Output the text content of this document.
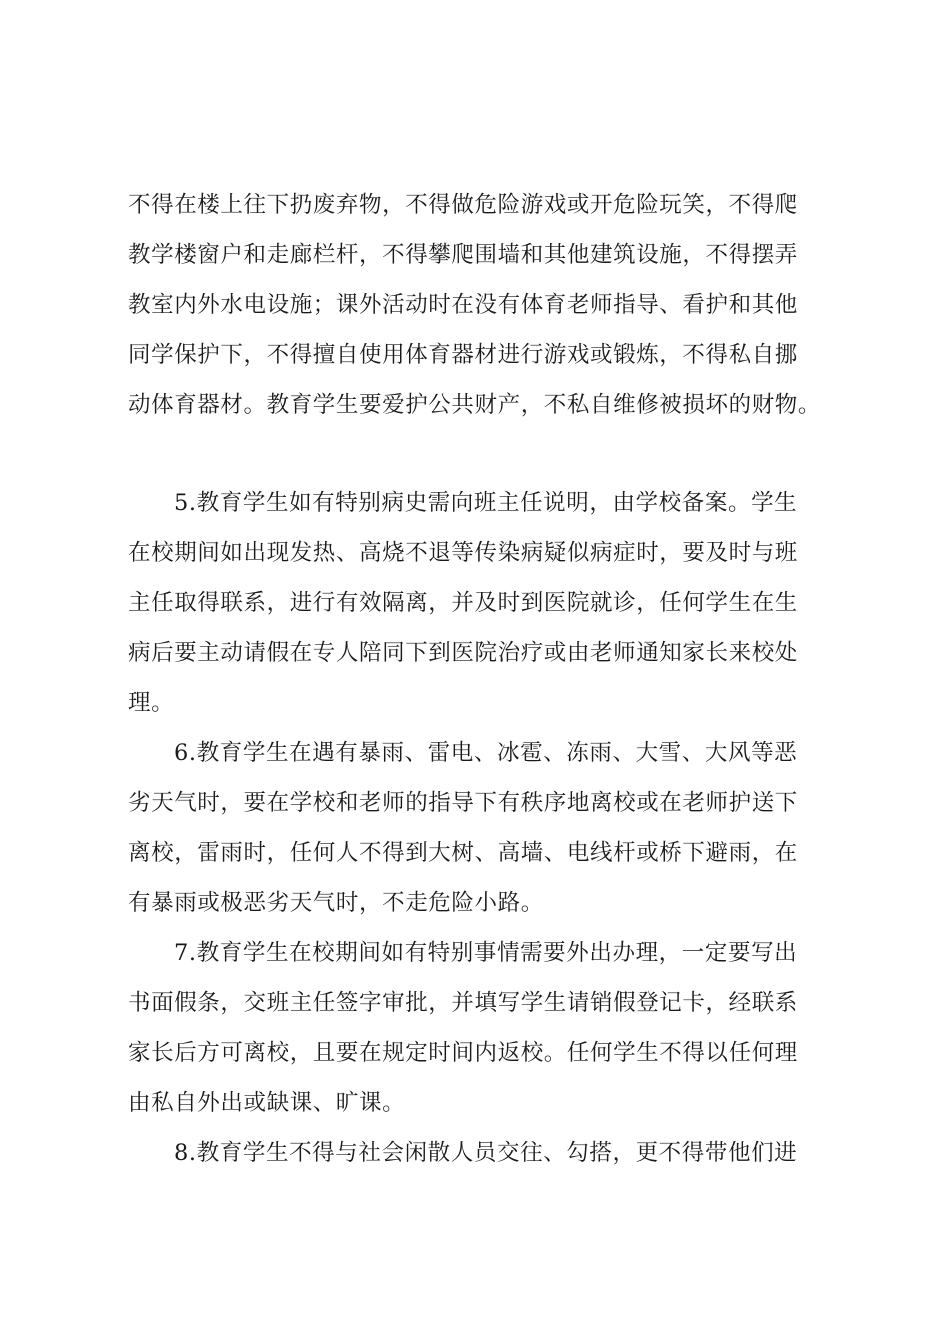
不得在楼上往下扔废弃物，不得做危险游戏或开危险玩笑，不得爬
教学楼窗户和走廊栏杆，不得攀爬围墙和其他建筑设施，不得摆弄
教室内外水电设施；课外活动时在没有体育老师指导、看护和其他
同学保护下，不得擅自使用体育器材进行游戏或锻炼，不得私自挪
动体育器材。教育学生要爱护公共财产，不私自维修被损坏的财物。
5.教育学生如有特别病史需向班主任说明，由学校备案。学生
在校期间如出现发热、高烧不退等传染病疑似病症时，要及时与班
主任取得联系，进行有效隔离，并及时到医院就诊，任何学生在生
病后要主动请假在专人陪同下到医院治疗或由老师通知家长来校处
理。
6.教育学生在遇有暴雨、雷电、冰雹、冻雨、大雪、大风等恶
劣天气时，要在学校和老师的指导下有秩序地离校或在老师护送下
离校，雷雨时，任何人不得到大树、高墙、电线杆或桥下避雨，在
有暴雨或极恶劣天气时，不走危险小路。
7.教育学生在校期间如有特别事情需要外出办理，一定要写出
书面假条，交班主任签字审批，并填写学生请销假登记卡，经联系
家长后方可离校，且要在规定时间内返校。任何学生不得以任何理
由私自外出或缺课、旷课。
8.教育学生不得与社会闲散人员交往、勾搭，更不得带他们进
